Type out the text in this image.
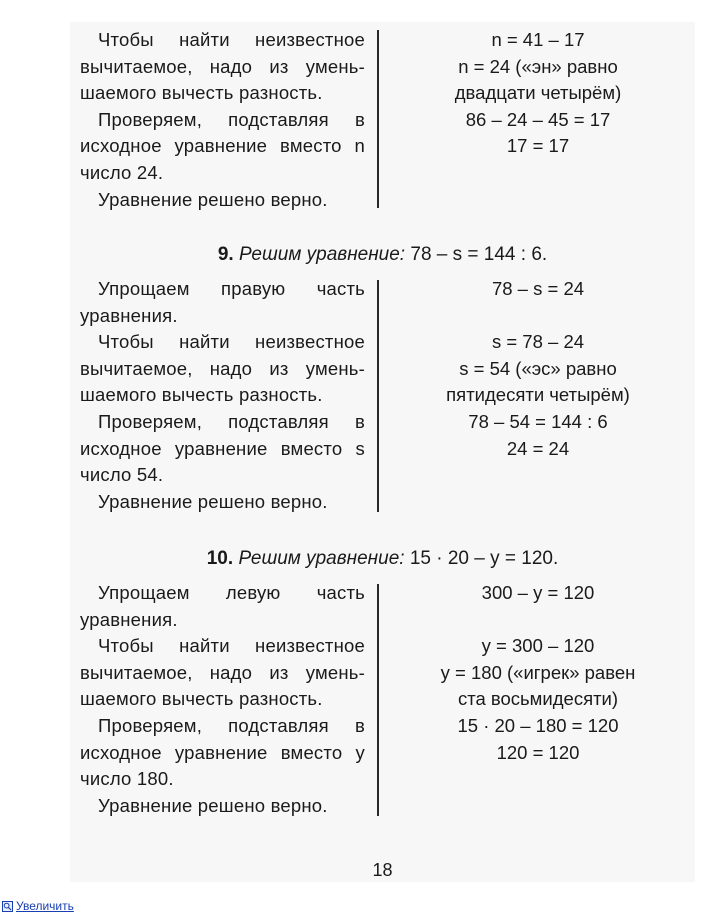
Чтобы найти неизвестное вычитаемое, надо из умень-шаемого вычесть разность.

Проверяем, подставляя в исходное уравнение вместо n число 24.

Уравнение решено верно.

n = 41 – 17
n = 24 («эн» равно
двадцати четырём)
86 – 24 – 45 = 17
17 = 17
9. Решим уравнение: 78 – s = 144 : 6.

Упрощаем правую часть уравнения.

Чтобы найти неизвестное вычитаемое, надо из умень-шаемого вычесть разность.

Проверяем, подставляя в исходное уравнение вместо s число 54.

Уравнение решено верно.

78 – s = 24
s = 78 – 24
s = 54 («эс» равно
пятидесяти четырём)
78 – 54 = 144 : 6
24 = 24
10. Решим уравнение: 15 · 20 – y = 120.

Упрощаем левую часть уравнения.

Чтобы найти неизвестное вычитаемое, надо из умень-шаемого вычесть разность.

Проверяем, подставляя в исходное уравнение вместо y число 180.

Уравнение решено верно.

300 – y = 120
y = 300 – 120
y = 180 («игрек» равен
ста восьмидесяти)
15 · 20 – 180 = 120
120 = 120
18
Увеличить
